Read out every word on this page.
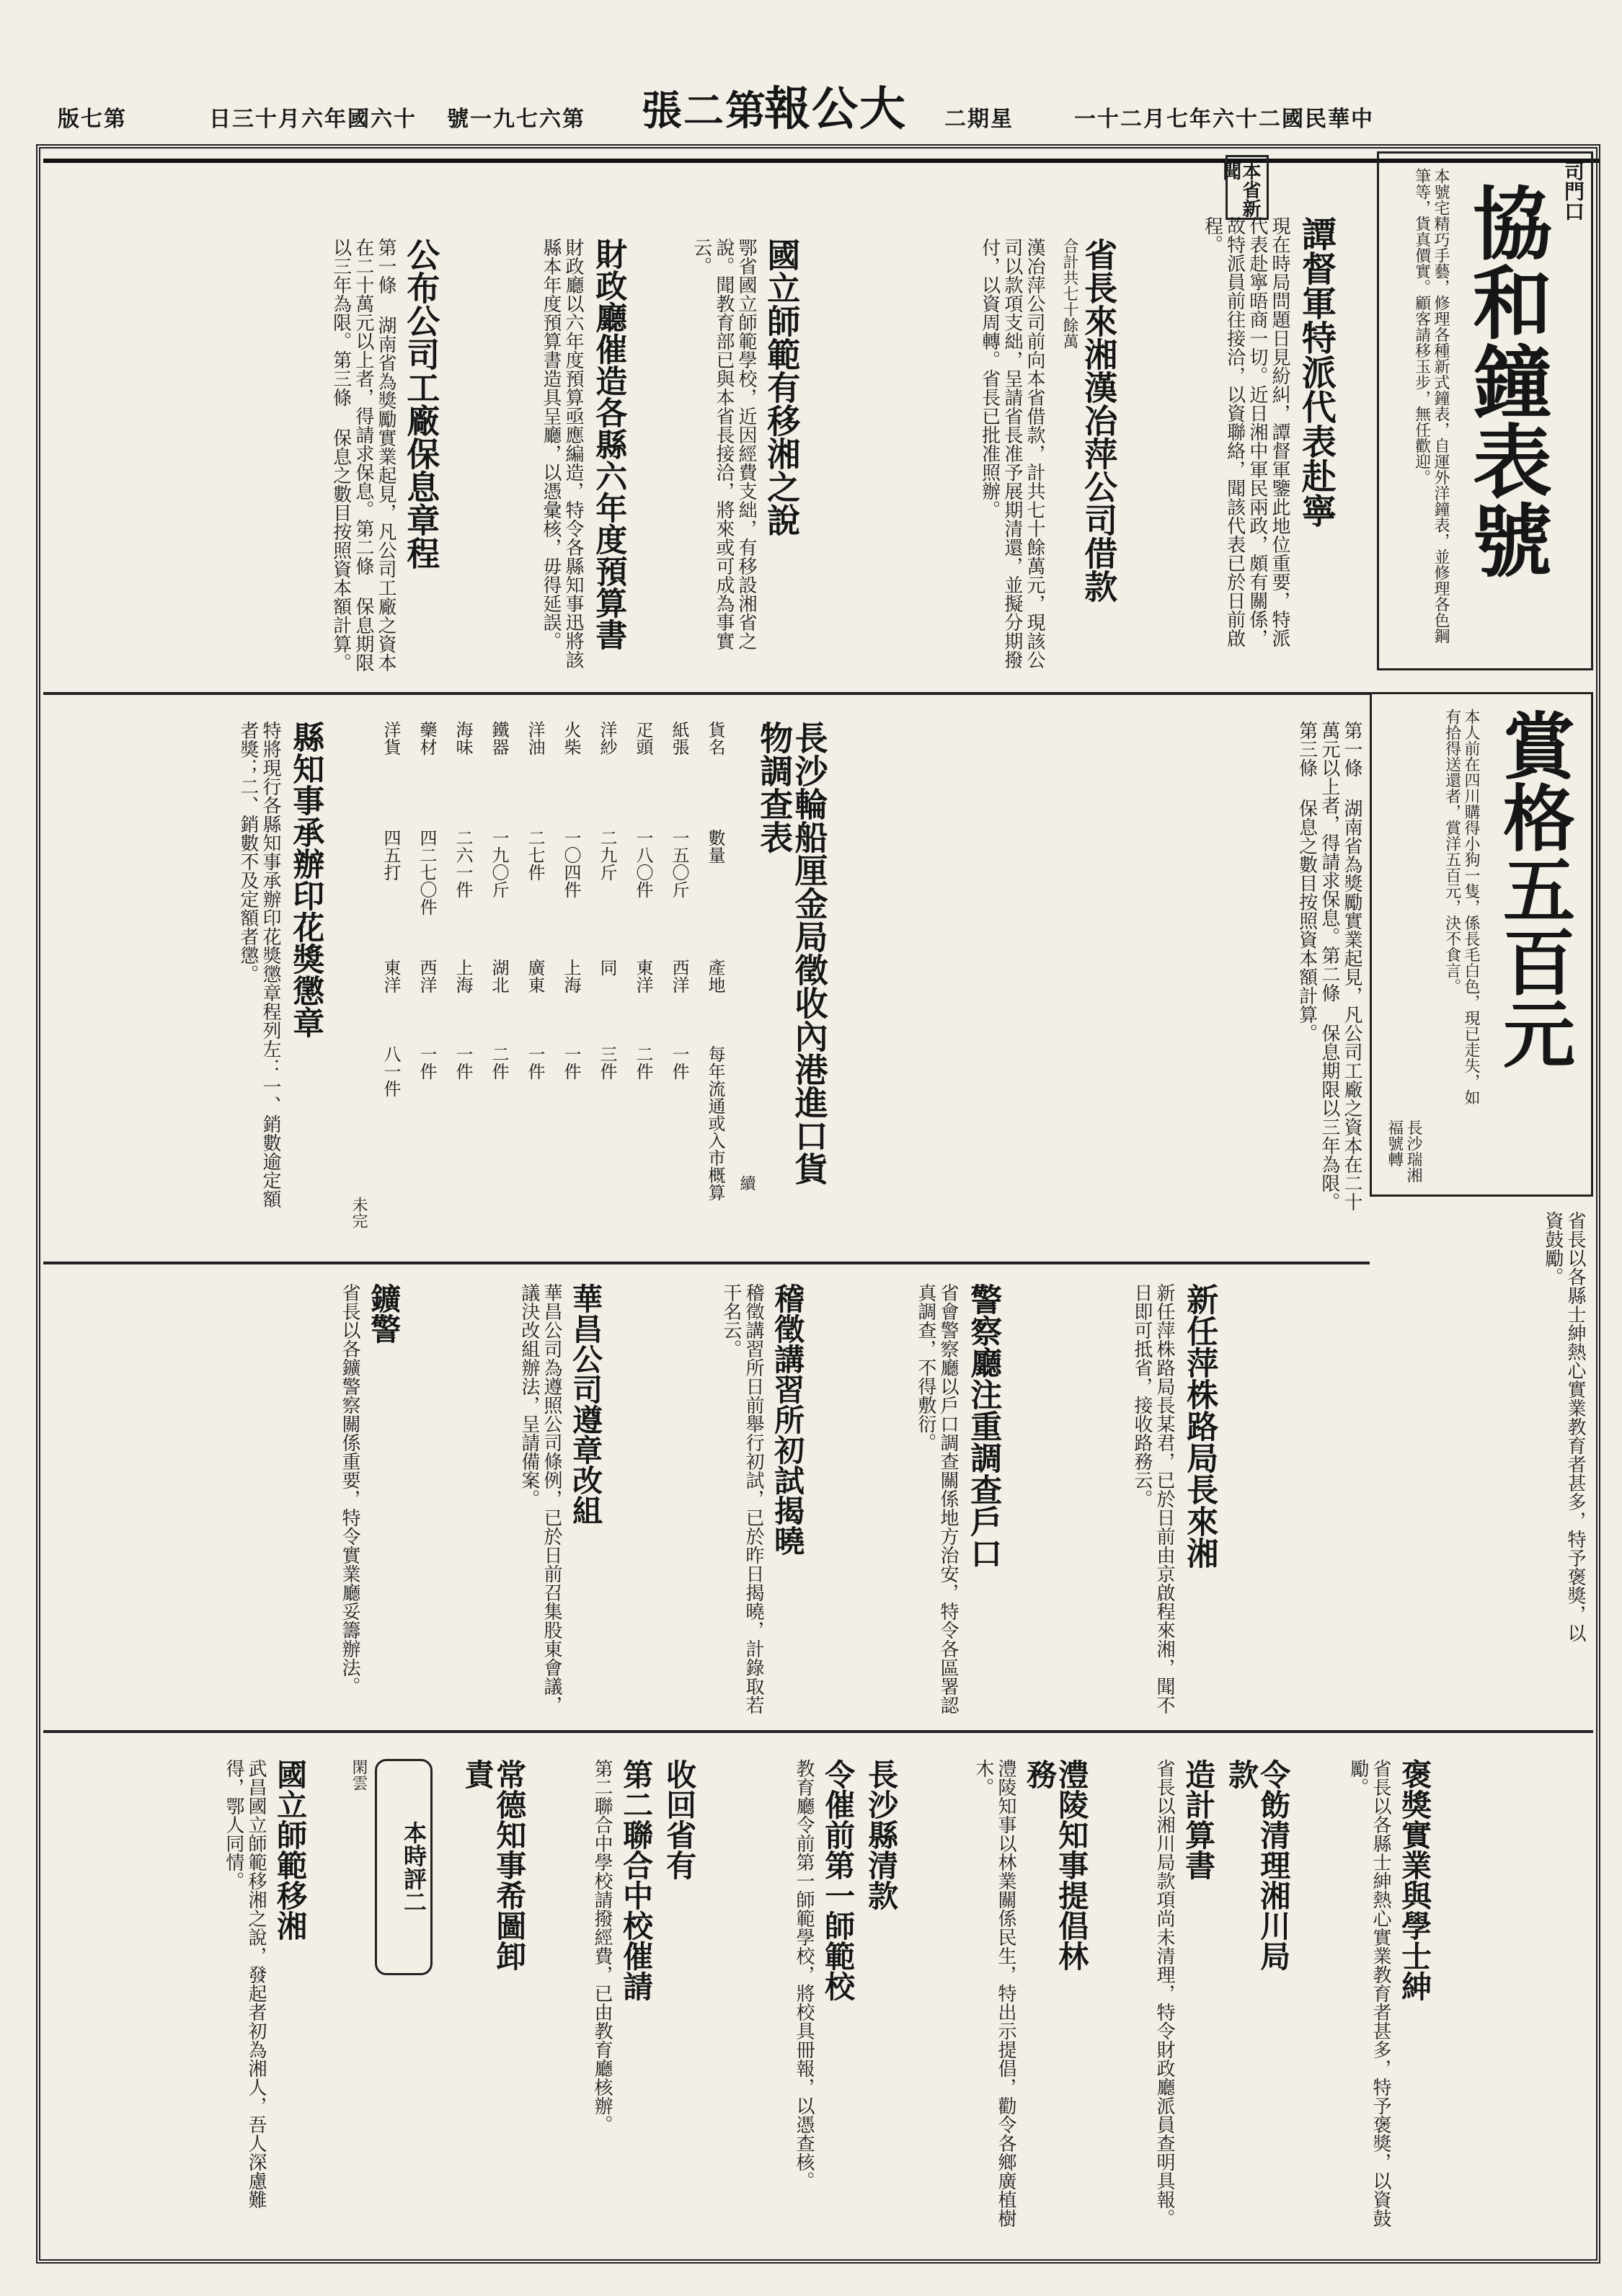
版七第	日三十月六年國六十 號一九七六第 張二第
報公大 二期星	一十二月七年六十二國民華中
司門口
協和鐘表號
本號宅精巧手藝，修理各種新式鐘表，自運外洋鐘表，並修理各色鋼筆等，貨真價實。顧客請移玉步，無任歡迎。
本省新聞
譚督軍特派代表赴寧
現在時局問題日見紛糾，譚督軍鑒此地位重要，特派代表赴寧晤商一切。近日湘中軍民兩政，頗有關係，故特派員前往接洽，以資聯絡，聞該代表已於日前啟程。
省長來湘漢冶萍公司借款
合計共七十餘萬
漢冶萍公司前向本省借款，計共七十餘萬元，現該公司以款項支絀，呈請省長准予展期清還，並擬分期撥付，以資周轉。省長已批准照辦。
國立師範有移湘之說
鄂省國立師範學校，近因經費支絀，有移設湘省之說。聞教育部已與本省長接洽，將來或可成為事實云。
財政廳催造各縣六年度預算書
財政廳以六年度預算亟應編造，特令各縣知事迅將該縣本年度預算書造具呈廳，以憑彙核，毋得延誤。
公布公司工廠保息章程
第一條 湖南省為獎勵實業起見，凡公司工廠之資本在二十萬元以上者，得請求保息。第二條 保息期限以三年為限。第三條 保息之數目按照資本額計算。
賞格五百元
本人前在四川購得小狗一隻，係長毛白色，現已走失，如有拾得送還者，賞洋五百元，決不食言。
長沙瑞湘福號轉
長沙輪船厘金局徵收內港進口貨物調查表
續
貨名
數量
產地
每年流通或入市概算
紙張
一五〇斤
西洋
一件
疋頭
一八〇件
東洋
二件
洋紗
二九斤
同
三件
火柴
一〇四件
上海
一件
洋油
二七件
廣東
一件
鐵器
一九〇斤
湖北
二件
海味
二六一件
上海
一件
藥材
四二七〇件
西洋
一件
洋貨
四五打
東洋
八一件
未完
第一條 湖南省為獎勵實業起見，凡公司工廠之資本在二十萬元以上者，得請求保息。第二條 保息期限以三年為限。第三條 保息之數目按照資本額計算。
縣知事承辦印花獎懲章
特將現行各縣知事承辦印花獎懲章程列左：一、銷數逾定額者獎；二、銷數不及定額者懲。
省長以各縣士紳熱心實業教育者甚多，特予褒獎，以資鼓勵。
新任萍株路局長來湘
新任萍株路局長某君，已於日前由京啟程來湘，聞不日即可抵省，接收路務云。
警察廳注重調查戶口
省會警察廳以戶口調查關係地方治安，特令各區署認真調查，不得敷衍。
稽徵講習所初試揭曉
稽徵講習所日前舉行初試，已於昨日揭曉，計錄取若干名云。
華昌公司遵章改組
華昌公司為遵照公司條例，已於日前召集股東會議，議決改組辦法，呈請備案。
鑛警
省長以各鑛警察關係重要，特令實業廳妥籌辦法。
褒獎實業與學士紳
省長以各縣士紳熱心實業教育者甚多，特予褒獎，以資鼓勵。
令飭清理湘川局款
造計算書
省長以湘川局款項尚未清理，特令財政廳派員查明具報。
澧陵知事提倡林務
澧陵知事以林業關係民生，特出示提倡，勸令各鄉廣植樹木。
長沙縣清款
令催前第一師範校
教育廳令前第一師範學校，將校具冊報，以憑查核。
收回省有
第二聯合中校催請
第二聯合中學校請撥經費，已由教育廳核辦。
常德知事希圖卸責
本時評二
閑雲
國立師範移湘
武昌國立師範移湘之說，發起者初為湘人，吾人深慮難得，鄂人同情。
